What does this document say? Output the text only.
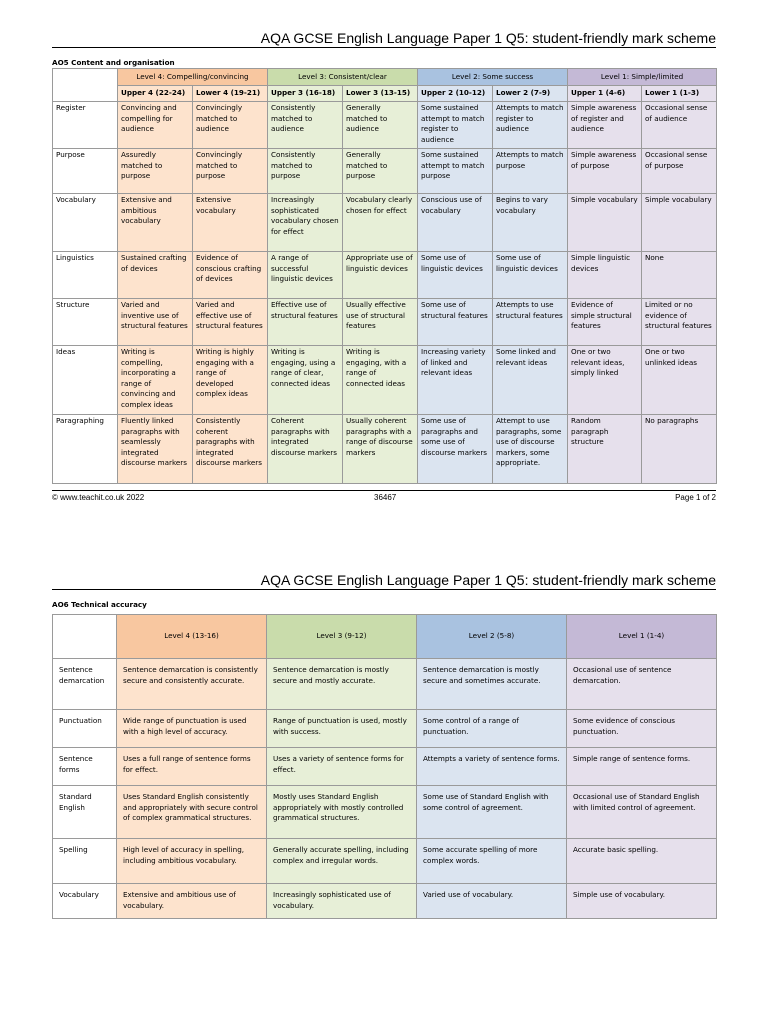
AQA GCSE English Language Paper 1 Q5: student-friendly mark scheme
AO5 Content and organisation
	Level 4: Compelling/convincing		Level 3: Consistent/clear		Level 2: Some success		Level 1: Simple/limited	
	Upper 4 (22-24)	Lower 4 (19-21)	Upper 3 (16-18)	Lower 3 (13-15)	Upper 2 (10-12)	Lower 2 (7-9)	Upper 1 (4-6)	Lower 1 (1-3)
Register	Convincing and compelling for audience	Convincingly matched to audience	Consistently matched to audience	Generally matched to audience	Some sustained attempt to match register to audience	Attempts to match register to audience	Simple awareness of register and audience	Occasional sense of audience
Purpose	Assuredly matched to purpose	Convincingly matched to purpose	Consistently matched to purpose	Generally matched to purpose	Some sustained attempt to match purpose	Attempts to match purpose	Simple awareness of purpose	Occasional sense of purpose
Vocabulary	Extensive and ambitious vocabulary	Extensive vocabulary	Increasingly sophisticated vocabulary chosen for effect	Vocabulary clearly chosen for effect	Conscious use of vocabulary	Begins to vary vocabulary	Simple vocabulary	Simple vocabulary
Linguistics	Sustained crafting of devices	Evidence of conscious crafting of devices	A range of successful linguistic devices	Appropriate use of linguistic devices	Some use of linguistic devices	Some use of linguistic devices	Simple linguistic devices	None
Structure	Varied and inventive use of structural features	Varied and effective use of structural features	Effective use of structural features	Usually effective use of structural features	Some use of structural features	Attempts to use structural features	Evidence of simple structural features	Limited or no evidence of structural features
Ideas	Writing is compelling, incorporating a range of convincing and complex ideas	Writing is highly engaging with a range of developed complex ideas	Writing is engaging, using a range of clear, connected ideas	Writing is engaging, with a range of connected ideas	Increasing variety of linked and relevant ideas	Some linked and relevant ideas	One or two relevant ideas, simply linked	One or two unlinked ideas
Paragraphing	Fluently linked paragraphs with seamlessly integrated discourse markers	Consistently coherent paragraphs with integrated discourse markers	Coherent paragraphs with integrated discourse markers	Usually coherent paragraphs with a range of discourse markers	Some use of paragraphs and some use of discourse markers	Attempt to use paragraphs, some use of discourse markers, some appropriate.	Random paragraph structure	No paragraphs
© www.teachit.co.uk 2022	36467	Page 1 of 2
AQA GCSE English Language Paper 1 Q5: student-friendly mark scheme
AO6 Technical accuracy
	Level 4 (13-16)	Level 3 (9-12)	Level 2 (5-8)	Level 1 (1-4)
Sentence demarcation	Sentence demarcation is consistently secure and consistently accurate.	Sentence demarcation is mostly secure and mostly accurate.	Sentence demarcation is mostly secure and sometimes accurate.	Occasional use of sentence demarcation.
Punctuation	Wide range of punctuation is used with a high level of accuracy.	Range of punctuation is used, mostly with success.	Some control of a range of punctuation.	Some evidence of conscious punctuation.
Sentence forms	Uses a full range of sentence forms for effect.	Uses a variety of sentence forms for effect.	Attempts a variety of sentence forms.	Simple range of sentence forms.
Standard English	Uses Standard English consistently and appropriately with secure control of complex grammatical structures.	Mostly uses Standard English appropriately with mostly controlled grammatical structures.	Some use of Standard English with some control of agreement.	Occasional use of Standard English with limited control of agreement.
Spelling	High level of accuracy in spelling, including ambitious vocabulary.	Generally accurate spelling, including complex and irregular words.	Some accurate spelling of more complex words.	Accurate basic spelling.
Vocabulary	Extensive and ambitious use of vocabulary.	Increasingly sophisticated use of vocabulary.	Varied use of vocabulary.	Simple use of vocabulary.
